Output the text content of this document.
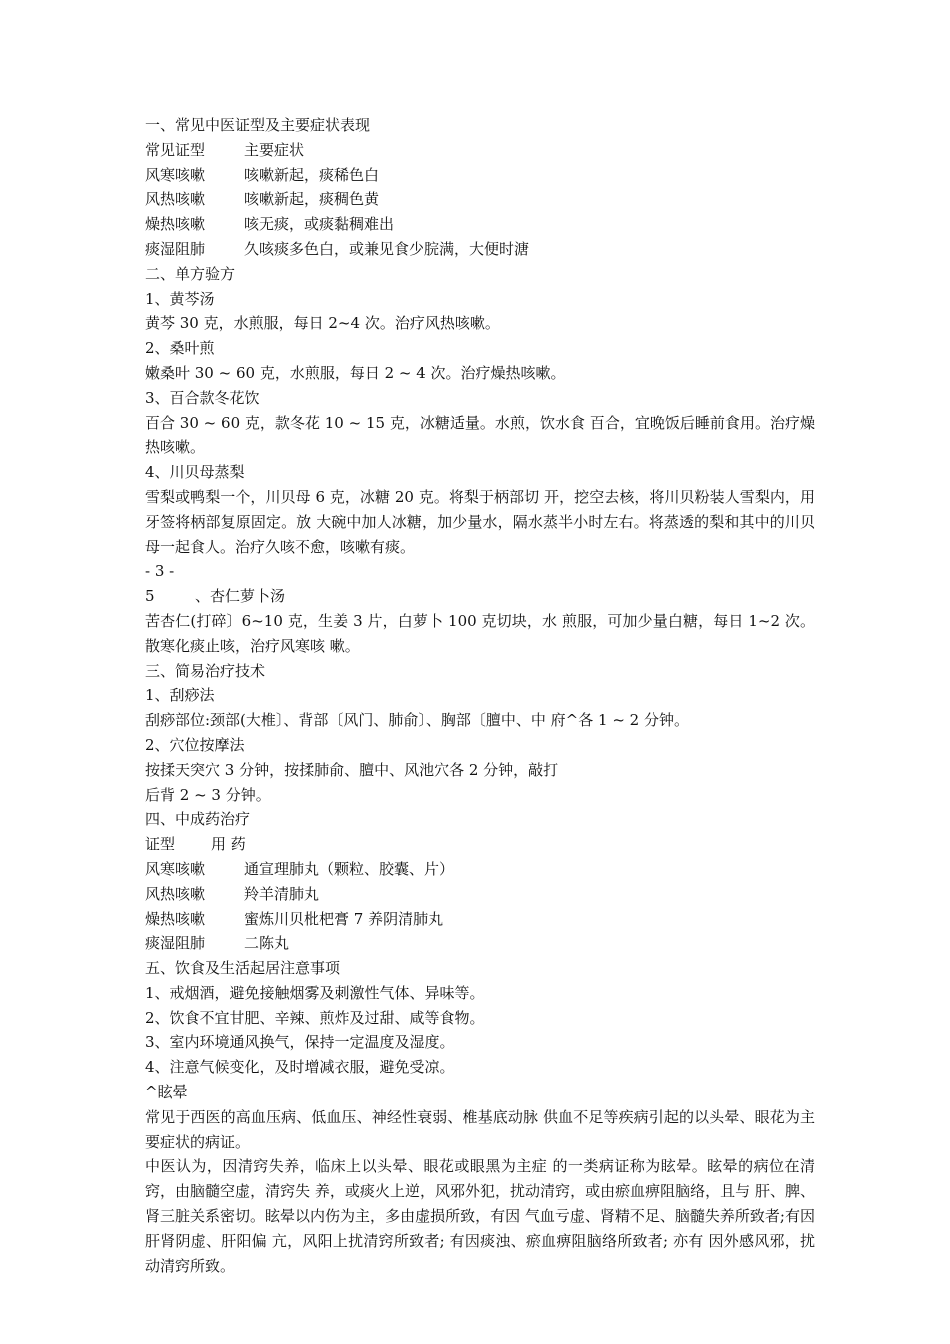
一、常见中医证型及主要症状表现
常见证型	主要症状
风寒咳嗽	咳嗽新起，痰稀色白
风热咳嗽	咳嗽新起，痰稠色黄
燥热咳嗽	咳无痰，或痰黏稠难出
痰湿阻肺	久咳痰多色白，或兼见食少脘满，大便时溏
二、单方验方
1、黄芩汤
黄芩 30 克，水煎服，每日 2~4 次。治疗风热咳嗽。
2、桑叶煎
嫩桑叶 30 ~ 60 克，水煎服，每日 2 ~ 4 次。治疗燥热咳嗽。
3、百合款冬花饮
百合 30 ~ 60 克，款冬花 10 ~ 15 克，冰糖适量。水煎，饮水食 百合，宜晚饭后睡前食用。治疗燥热咳嗽。
4、川贝母蒸梨
雪梨或鸭梨一个，川贝母 6 克，冰糖 20 克。将梨于柄部切 开，挖空去核，将川贝粉装人雪梨内，用牙签将柄部复原固定。放 大碗中加人冰糖，加少量水，隔水蒸半小时左右。将蒸透的梨和其中的川贝母一起食人。治疗久咳不愈，咳嗽有痰。
- 3 -
5	、杏仁萝卜汤
苦杏仁(打碎〕6~10 克，生姜 3 片，白萝卜 100 克切块，水 煎服，可加少量白糖，每日 1~2 次。散寒化痰止咳，治疗风寒咳 嗽。
三、简易治疗技术
1、刮痧法
刮痧部位:颈部(大椎〕、背部〔风门、肺俞〕、胸部〔膻中、中 府^各 1 ~ 2 分钟。
2、穴位按摩法
按揉天突穴 3 分钟，按揉肺俞、膻中、风池穴各 2 分钟，敲打
后背 2 ~ 3 分钟。
四、中成药治疗
证型	用 药
风寒咳嗽	通宣理肺丸（颗粒、胶囊、片）
风热咳嗽	羚羊清肺丸
燥热咳嗽	蜜炼川贝枇杷膏 7 养阴清肺丸
痰湿阻肺	二陈丸
五、饮食及生活起居注意事项
1、戒烟酒，避免接触烟雾及刺激性气体、异味等。
2、饮食不宜甘肥、辛辣、煎炸及过甜、咸等食物。
3、室内环境通风换气，保持一定温度及湿度。
4、注意气候变化，及时增减衣服，避免受凉。
^眩晕
常见于西医的高血压病、低血压、神经性衰弱、椎基底动脉 供血不足等疾病引起的以头晕、眼花为主要症状的病证。
中医认为，因清窍失养，临床上以头晕、眼花或眼黑为主症 的一类病证称为眩晕。眩晕的病位在清窍，由脑髓空虚，清窍失 养，或痰火上逆，风邪外犯，扰动清窍，或由瘀血痹阻脑络，且与 肝、脾、肾三脏关系密切。眩晕以内伤为主，多由虚损所致，有因 气血亏虚、肾精不足、脑髓失养所致者;有因肝肾阴虚、肝阳偏 亢，风阳上扰清窍所致者; 有因痰浊、瘀血痹阻脑络所致者; 亦有 因外感风邪，扰动清窍所致。
